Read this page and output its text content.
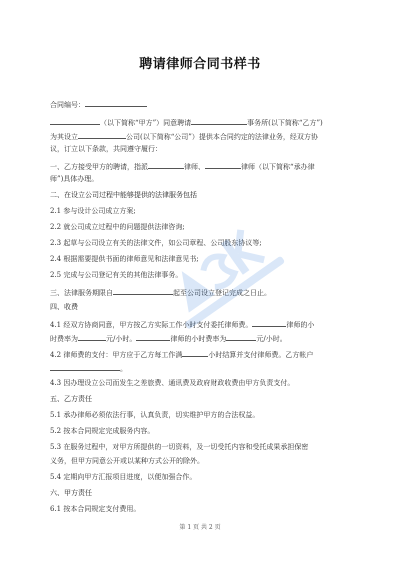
聘请律师合同书样书
合同编号：
（以下简称“甲方”）同意聘请	事务所(以下简称“乙方”)
为其设立	公司(以下简称“公司”）提供本合同约定的法律业务，经双方协
议，订立以下条款，共同遵守履行：
一、乙方接受甲方的聘请，指派	律师、	律师（以下简称“承办律
师”)具体办理。
二、在设立公司过程中能够提供的法律服务包括
2.1 参与设计公司成立方案;
2.2 就公司成立过程中的问题提供法律咨询;
2.3 起草与公司设立有关的法律文件，如公司章程、公司股东协议等;
2.4 根据需要提供书面的律师意见和法律意见书;
2.5 完成与公司登记有关的其他法律事务。
三、法律服务期限自	起至公司设立登记完成之日止。
四、收费
4.1 经双方协商同意，甲方按乙方实际工作小时支付委托律师费。	律师的小
时费率为	元/小时。	律师的小时费率为	元/小时。
4.2 律师费的支付：甲方应于乙方每工作满	小时结算并支付律师费。乙方帐户
。
4.3 因办理设立公司而发生之差旅费、通讯费及政府财政收费由甲方负责支付。
五、乙方责任
5.1 承办律师必须依法行事，认真负责，切实维护甲方的合法权益。
5.2 按本合同规定完成服务内容。
5.3 在服务过程中，对甲方所提供的一切资料，及一切受托内容和受托成果承担保密
义务，但甲方同意公开或以某种方式公开的除外。
5.4 定期向甲方汇报项目进度，以便加强合作。
六、甲方责任
6.1 按本合同规定支付费用。
第 1 页 共 2 页
